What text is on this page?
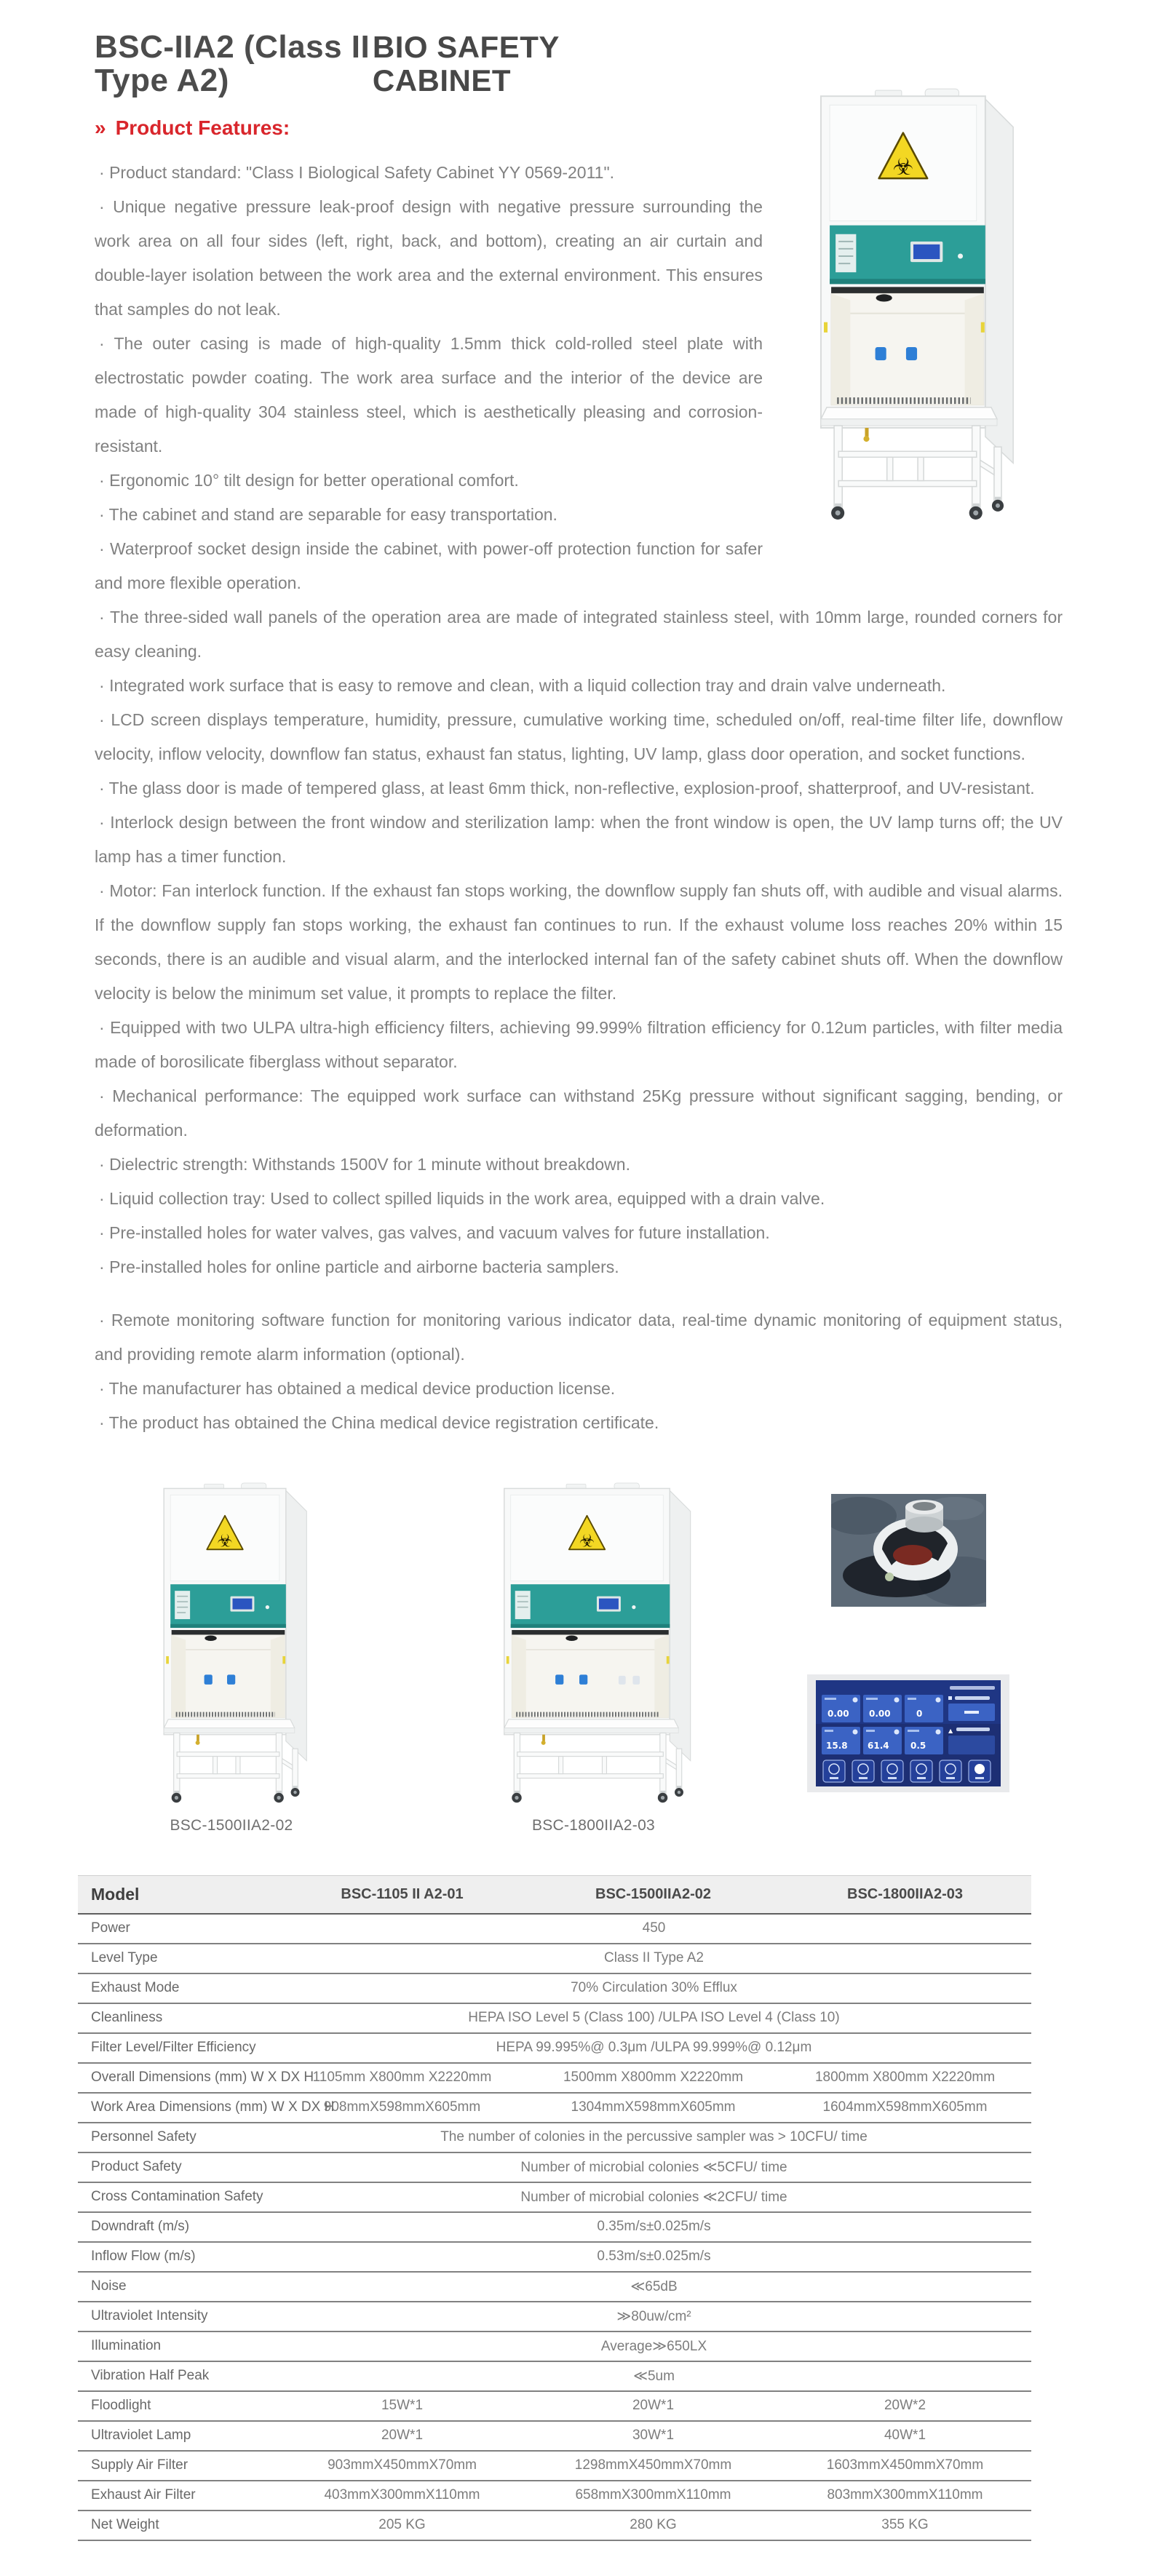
BSC-IIA2 (Class II Type A2)
BIO SAFETY CABINET
» Product Features:

· Product standard: "Class I Biological Safety Cabinet YY 0569-2011".

· Unique negative pressure leak-proof design with negative pressure surrounding the work area on all four sides (left, right, back, and bottom), creating an air curtain and double-layer isolation between the work area and the external environment. This ensures that samples do not leak.

· The outer casing is made of high-quality 1.5mm thick cold-rolled steel plate with electrostatic powder coating. The work area surface and the interior of the device are made of high-quality 304 stainless steel, which is aesthetically pleasing and corrosion-resistant.

· Ergonomic 10° tilt design for better operational comfort.

· The cabinet and stand are separable for easy transportation.

· Waterproof socket design inside the cabinet, with power-off protection function for safer and more flexible operation.

· The three-sided wall panels of the operation area are made of integrated stainless steel, with 10mm large, rounded corners for easy cleaning.

· Integrated work surface that is easy to remove and clean, with a liquid collection tray and drain valve underneath.

· LCD screen displays temperature, humidity, pressure, cumulative working time, scheduled on/off, real-time filter life, downflow velocity, inflow velocity, downflow fan status, exhaust fan status, lighting, UV lamp, glass door operation, and socket functions.

· The glass door is made of tempered glass, at least 6mm thick, non-reflective, explosion-proof, shatterproof, and UV-resistant.

· Interlock design between the front window and sterilization lamp: when the front window is open, the UV lamp turns off; the UV lamp has a timer function.

· Motor: Fan interlock function. If the exhaust fan stops working, the downflow supply fan shuts off, with audible and visual alarms. If the downflow supply fan stops working, the exhaust fan continues to run. If the exhaust volume loss reaches 20% within 15 seconds, there is an audible and visual alarm, and the interlocked internal fan of the safety cabinet shuts off. When the downflow velocity is below the minimum set value, it prompts to replace the filter.

· Equipped with two ULPA ultra-high efficiency filters, achieving 99.999% filtration efficiency for 0.12um particles, with filter media made of borosilicate fiberglass without separator.

· Mechanical performance: The equipped work surface can withstand 25Kg pressure without significant sagging, bending, or deformation.

· Dielectric strength: Withstands 1500V for 1 minute without breakdown.

· Liquid collection tray: Used to collect spilled liquids in the work area, equipped with a drain valve.

· Pre-installed holes for water valves, gas valves, and vacuum valves for future installation.

· Pre-installed holes for online particle and airborne bacteria samplers.

· Remote monitoring software function for monitoring various indicator data, real-time dynamic monitoring of equipment status, and providing remote alarm information (optional).

· The manufacturer has obtained a medical device production license.

· The product has obtained the China medical device registration certificate.

0.00 0.00	0
15.8 61.4 0.5
▲
BSC-1500IIA2-02	BSC-1800IIA2-03
Model	BSC-1105 II A2-01	BSC-1500IIA2-02	BSC-1800IIA2-03
Power	450		
Level Type	Class II Type A2		
Exhaust Mode	70% Circulation 30% Efflux		
Cleanliness	HEPA ISO Level 5 (Class 100) /ULPA ISO Level 4 (Class 10)		
Filter Level/Filter Efficiency	HEPA 99.995%@ 0.3μm /ULPA 99.999%@ 0.12μm		
Overall Dimensions (mm) W X DX H	1105mm X800mm X2220mm	1500mm X800mm X2220mm	1800mm X800mm X2220mm
Work Area Dimensions (mm) W X DX H	908mmX598mmX605mm	1304mmX598mmX605mm	1604mmX598mmX605mm
Personnel Safety	The number of colonies in the percussive sampler was > 10CFU/ time		
Product Safety	Number of microbial colonies ≪5CFU/ time		
Cross Contamination Safety	Number of microbial colonies ≪2CFU/ time		
Downdraft (m/s)	0.35m/s±0.025m/s		
Inflow Flow (m/s)	0.53m/s±0.025m/s		
Noise	≪65dB		
Ultraviolet Intensity	≫80uw/cm²		
Illumination	Average≫650LX		
Vibration Half Peak	≪5um		
Floodlight	15W*1	20W*1	20W*2
Ultraviolet Lamp	20W*1	30W*1	40W*1
Supply Air Filter	903mmX450mmX70mm	1298mmX450mmX70mm	1603mmX450mmX70mm
Exhaust Air Filter	403mmX300mmX110mm	658mmX300mmX110mm	803mmX300mmX110mm
Net Weight	205 KG	280 KG	355 KG
